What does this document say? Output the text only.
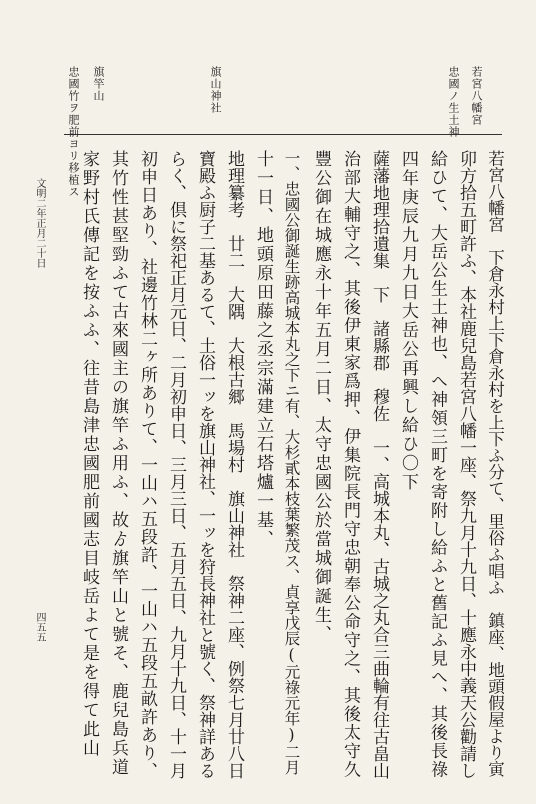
若宮八幡宮
忠國ノ生土神
旗山神社
旗竿山
忠國竹ヲ肥前ヨリ移植ス
若宮八幡宮　下倉永村上下倉永村を上下ふ分て、里俗ふ唱ふ　鎮座、地頭假屋より寅
卯方拾五町許ふ、本社鹿兒島若宮八幡一座、祭九月十九日、十應永中義天公勸請し
給ひて、大岳公生土神也、へ神領三町を寄附し給ふと舊記ふ見へ、其後長祿
四年庚辰九月九日大岳公再興し給ひ〇下
薩藩地理拾遺集　下　諸縣郡　穆佐　一、高城本丸、古城之丸合三曲輪有往古畠山
治部大輔守之、其後伊東家爲押、伊集院長門守忠朝奉公命守之、其後太守久
豐公御在城應永十年五月二日、太守忠國公於當城御誕生、
一、忠國公御誕生跡高城本丸之下ニ有、大杉貳本枝葉繁茂ス、貞享戊辰(元祿元年)二月
十一日、地頭原田藤之丞宗滿建立石塔爐一基、
地理纂考　廿二　大隅　大根古郷　馬場村　旗山神社　祭神二座、例祭七月廿八日
寶殿ふ厨子二基あるて、土俗一ッを旗山神社、一ッを狩長神社と號く、祭神詳ある
らく、倶に祭祀正月元日、二月初申日、三月三日、五月五日、九月十九日、十一月
初申日あり、社邊竹林二ヶ所ありて、一山ハ五段許、一山ハ五段五畝許あり、
其竹性甚堅勁ふて古來國主の旗竿ふ用ふ、故ゟ旗竿山と號そ、鹿兒島兵道
家野村氏傳記を按ふふ、往昔島津忠國肥前國志目岐岳よて是を得て此山
文明二年正月二十日
四五五
